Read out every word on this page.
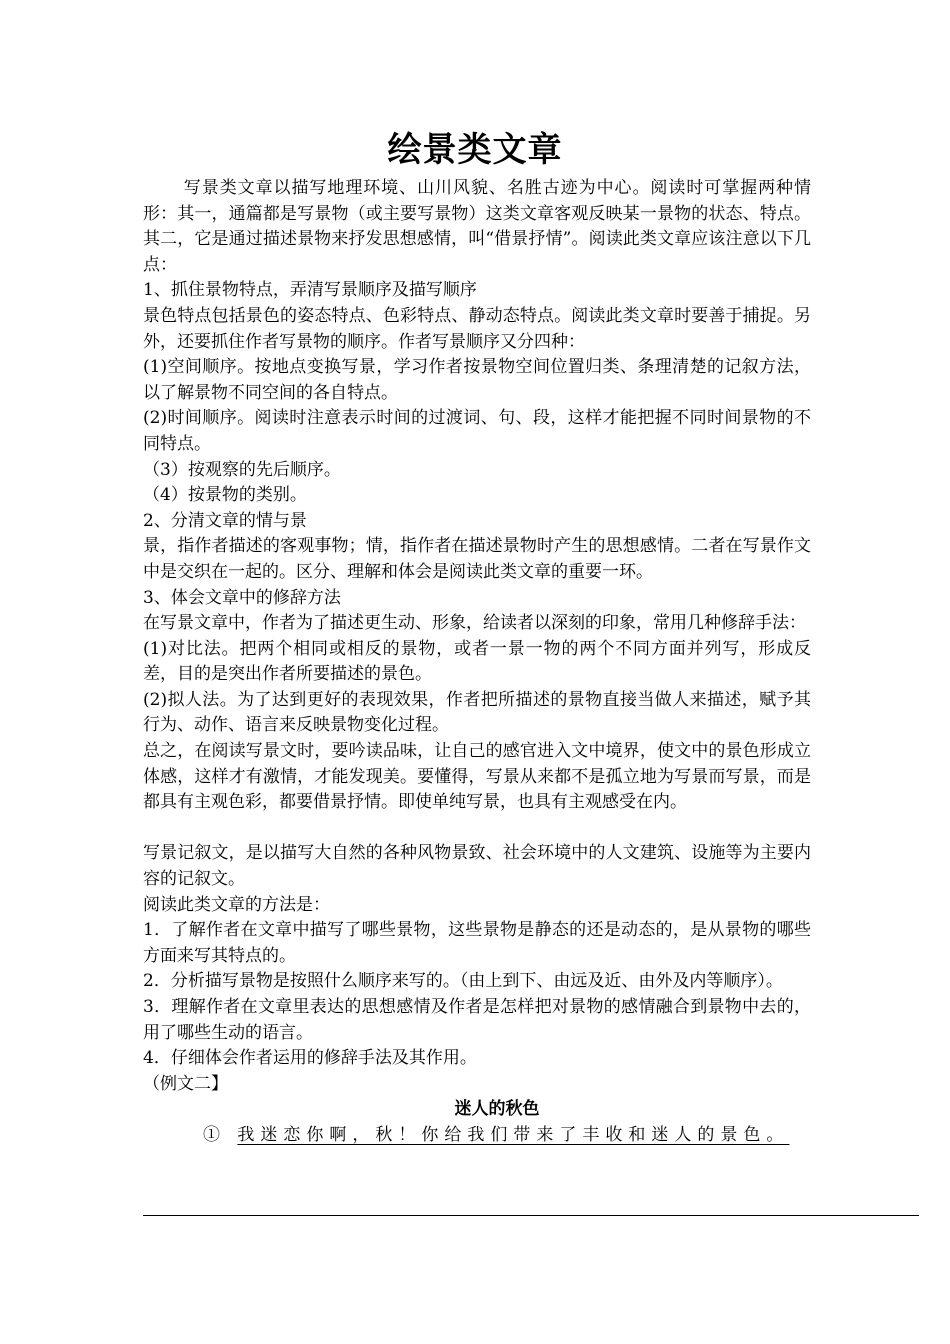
绘景类文章

写景类文章以描写地理环境、山川风貌、名胜古迹为中心。阅读时可掌握两种情形：其一，通篇都是写景物（或主要写景物）这类文章客观反映某一景物的状态、特点。其二，它是通过描述景物来抒发思想感情，叫“借景抒情”。阅读此类文章应该注意以下几点：

1、抓住景物特点，弄清写景顺序及描写顺序

景色特点包括景色的姿态特点、色彩特点、静动态特点。阅读此类文章时要善于捕捉。另外，还要抓住作者写景物的顺序。作者写景顺序又分四种：

(1)空间顺序。按地点变换写景，学习作者按景物空间位置归类、条理清楚的记叙方法，以了解景物不同空间的各自特点。

(2)时间顺序。阅读时注意表示时间的过渡词、句、段，这样才能把握不同时间景物的不同特点。

（3）按观察的先后顺序。

（4）按景物的类别。

2、分清文章的情与景

景，指作者描述的客观事物；情，指作者在描述景物时产生的思想感情。二者在写景作文中是交织在一起的。区分、理解和体会是阅读此类文章的重要一环。

3、体会文章中的修辞方法

在写景文章中，作者为了描述更生动、形象，给读者以深刻的印象，常用几种修辞手法：

(1)对比法。把两个相同或相反的景物，或者一景一物的两个不同方面并列写，形成反差，目的是突出作者所要描述的景色。

(2)拟人法。为了达到更好的表现效果，作者把所描述的景物直接当做人来描述，赋予其行为、动作、语言来反映景物变化过程。

总之，在阅读写景文时，要吟读品味，让自己的感官进入文中境界，使文中的景色形成立体感，这样才有激情，才能发现美。要懂得，写景从来都不是孤立地为写景而写景，而是都具有主观色彩，都要借景抒情。即使单纯写景，也具有主观感受在内。

写景记叙文，是以描写大自然的各种风物景致、社会环境中的人文建筑、设施等为主要内容的记叙文。

阅读此类文章的方法是：

1．了解作者在文章中描写了哪些景物，这些景物是静态的还是动态的，是从景物的哪些方面来写其特点的。

2．分析描写景物是按照什么顺序来写的。（由上到下、由远及近、由外及内等顺序）。

3．理解作者在文章里表达的思想感情及作者是怎样把对景物的感情融合到景物中去的，用了哪些生动的语言。

4．仔细体会作者运用的修辞手法及其作用。

（例文二】

迷人的秋色

① 我迷恋你啊，秋！你给我们带来了丰收和迷人的景色。
